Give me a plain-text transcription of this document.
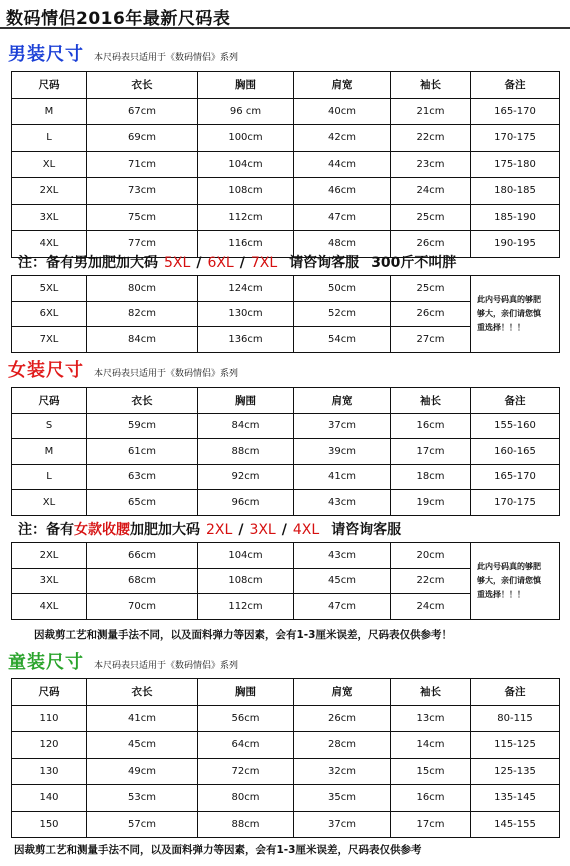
数码情侣2016年最新尺码表
男装尺寸 本尺码表只适用于《数码情侣》系列
尺码	衣长	胸围	肩宽	袖长	备注
M	67cm	96 cm	40cm	21cm	165-170
L	69cm	100cm	42cm	22cm	170-175
XL	71cm	104cm	44cm	23cm	175-180
2XL	73cm	108cm	46cm	24cm	180-185
3XL	75cm	112cm	47cm	25cm	185-190
4XL	77cm	116cm	48cm	26cm	190-195
注：备有男加肥加大码 5XL / 6XL / 7XL 请咨询客服 300斤不叫胖
5XL	80cm	124cm	50cm	25cm	此内号码真的够肥
够大，亲们请您慎
重选择！！！

6XL	82cm	130cm	52cm	26cm	
7XL	84cm	136cm	54cm	27cm	
女装尺寸 本尺码表只适用于《数码情侣》系列
尺码	衣长	胸围	肩宽	袖长	备注
S	59cm	84cm	37cm	16cm	155-160
M	61cm	88cm	39cm	17cm	160-165
L	63cm	92cm	41cm	18cm	165-170
XL	65cm	96cm	43cm	19cm	170-175
注：备有女款收腰加肥加大码 2XL / 3XL / 4XL 请咨询客服
2XL	66cm	104cm	43cm	20cm	此内号码真的够肥
够大，亲们请您慎
重选择！！！

3XL	68cm	108cm	45cm	22cm	
4XL	70cm	112cm	47cm	24cm	
因裁剪工艺和测量手法不同，以及面料弹力等因素，会有1-3厘米误差，尺码表仅供参考！
童装尺寸 本尺码表只适用于《数码情侣》系列
尺码	衣长	胸围	肩宽	袖长	备注
110	41cm	56cm	26cm	13cm	80-115
120	45cm	64cm	28cm	14cm	115-125
130	49cm	72cm	32cm	15cm	125-135
140	53cm	80cm	35cm	16cm	135-145
150	57cm	88cm	37cm	17cm	145-155
因裁剪工艺和测量手法不同，以及面料弹力等因素，会有1-3厘米误差，尺码表仅供参考
